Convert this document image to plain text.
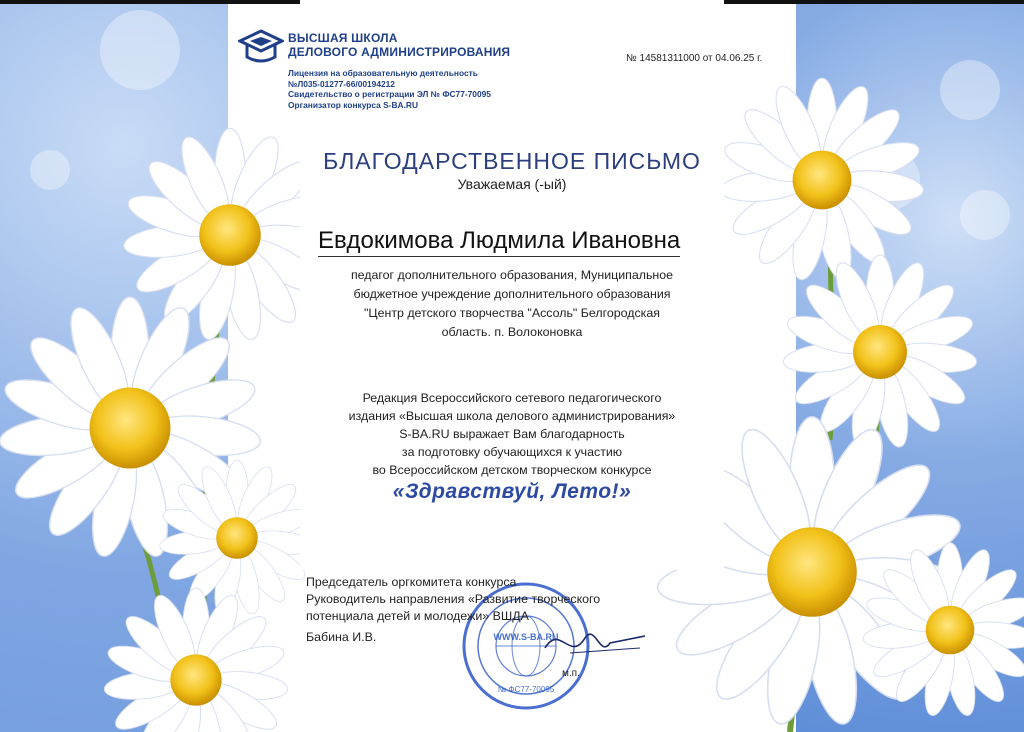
ВЫСШАЯ ШКОЛА
ДЕЛОВОГО АДМИНИСТРИРОВАНИЯ
Лицензия на образовательную деятельность
№Л035-01277-66/00194212
Свидетельство о регистрации ЭЛ № ФС77-70095
Организатор конкурса S-BA.RU
№ 14581311000 от 04.06.25 г.
БЛАГОДАРСТВЕННОЕ ПИСЬМО
Уважаемая (-ый)
Евдокимова Людмила Ивановна
педагог дополнительного образования, Муниципальное
бюджетное учреждение дополнительного образования
"Центр детского творчества "Ассоль" Белгородская
область. п. Волоконовка
Редакция Всероссийского сетевого педагогического
издания «Высшая школа делового администрирования»
S-BA.RU выражает Вам благодарность
за подготовку обучающихся к участию
во Всероссийском детском творческом конкурсе
«Здравствуй, Лето!»
WWW.S-BA.RU
№ ФС77-70095
Председатель оргкомитета конкурса
Руководитель направления «Развитие творческого
потенциала детей и молодежи» ВШДА
Бабина И.В.
м.п.
